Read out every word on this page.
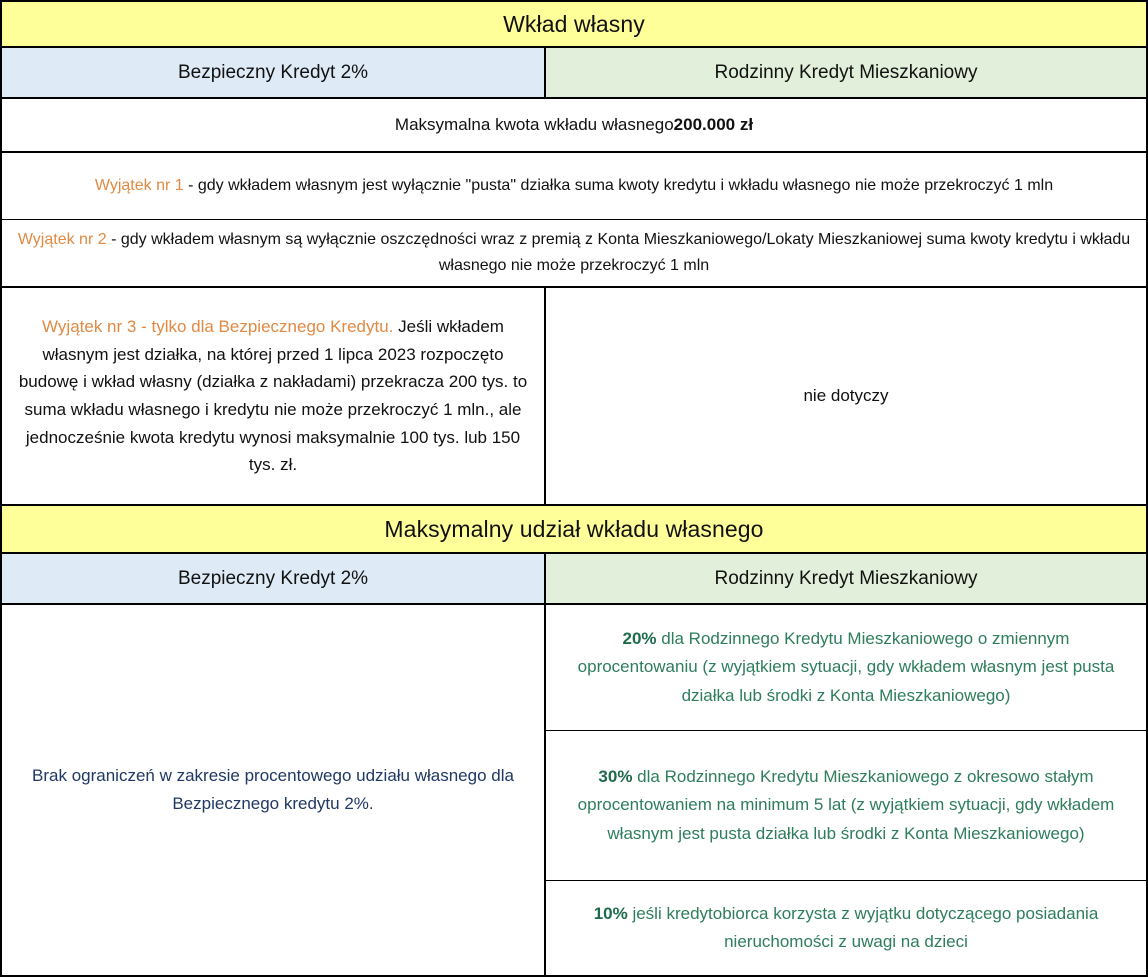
Wkład własny
Bezpieczny Kredyt 2%	Rodzinny Kredyt Mieszkaniowy
Maksymalna kwota wkładu własnego 200.000 zł
Wyjątek nr 1 - gdy wkładem własnym jest wyłącznie "pusta" działka suma kwoty kredytu i wkładu własnego nie może przekroczyć 1 mln
Wyjątek nr 2 - gdy wkładem własnym są wyłącznie oszczędności wraz z premią z Konta Mieszkaniowego/Lokaty Mieszkaniowej suma kwoty kredytu i wkładu własnego nie może przekroczyć 1 mln
Wyjątek nr 3 - tylko dla Bezpiecznego Kredytu. Jeśli wkładem własnym jest działka, na której przed 1 lipca 2023 rozpoczęto budowę i wkład własny (działka z nakładami) przekracza 200 tys. to suma wkładu własnego i kredytu nie może przekroczyć 1 mln., ale jednocześnie kwota kredytu wynosi maksymalnie 100 tys. lub 150 tys. zł.
nie dotyczy
Maksymalny udział wkładu własnego
Bezpieczny Kredyt 2%	Rodzinny Kredyt Mieszkaniowy
Brak ograniczeń w zakresie procentowego udziału własnego dla Bezpiecznego kredytu 2%.
20% dla Rodzinnego Kredytu Mieszkaniowego o zmiennym oprocentowaniu (z wyjątkiem sytuacji, gdy wkładem własnym jest pusta działka lub środki z Konta Mieszkaniowego)
30% dla Rodzinnego Kredytu Mieszkaniowego z okresowo stałym oprocentowaniem na minimum 5 lat (z wyjątkiem sytuacji, gdy wkładem własnym jest pusta działka lub środki z Konta Mieszkaniowego)
10% jeśli kredytobiorca korzysta z wyjątku dotyczącego posiadania nieruchomości z uwagi na dzieci
